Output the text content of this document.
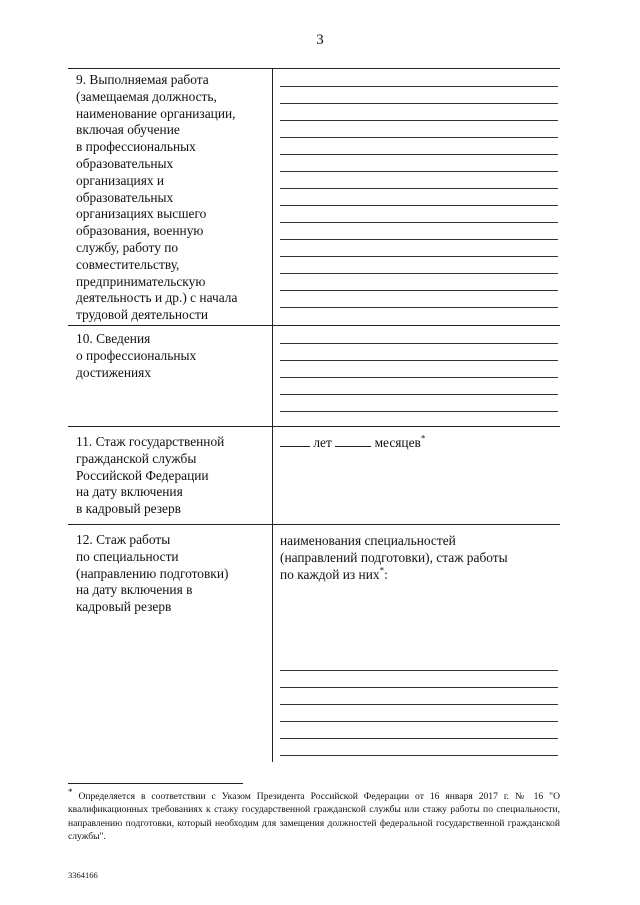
3
9. Выполняемая работа
(замещаемая должность,
наименование организации,
включая обучение
в профессиональных
образовательных
организациях и
образовательных
организациях высшего
образования, военную
службу, работу по
совместительству,
предпринимательскую
деятельность и др.) с начала
трудовой деятельности
10. Сведения
о профессиональных
достижениях
11. Стаж государственной
гражданской службы
Российской Федерации
на дату включения
в кадровый резерв
лет	месяцев*
12. Стаж работы
по специальности
(направлению подготовки)
на дату включения в
кадровый резерв
наименования специальностей
(направлений подготовки), стаж работы
по каждой из них*:
* Определяется в соответствии с Указом Президента Российской Федерации от 16 января 2017 г. № 16 "О квалификационных требованиях к стажу государственной гражданской службы или стажу работы по специальности, направлению подготовки, который необходим для замещения должностей федеральной государственной гражданской службы".
3364166
